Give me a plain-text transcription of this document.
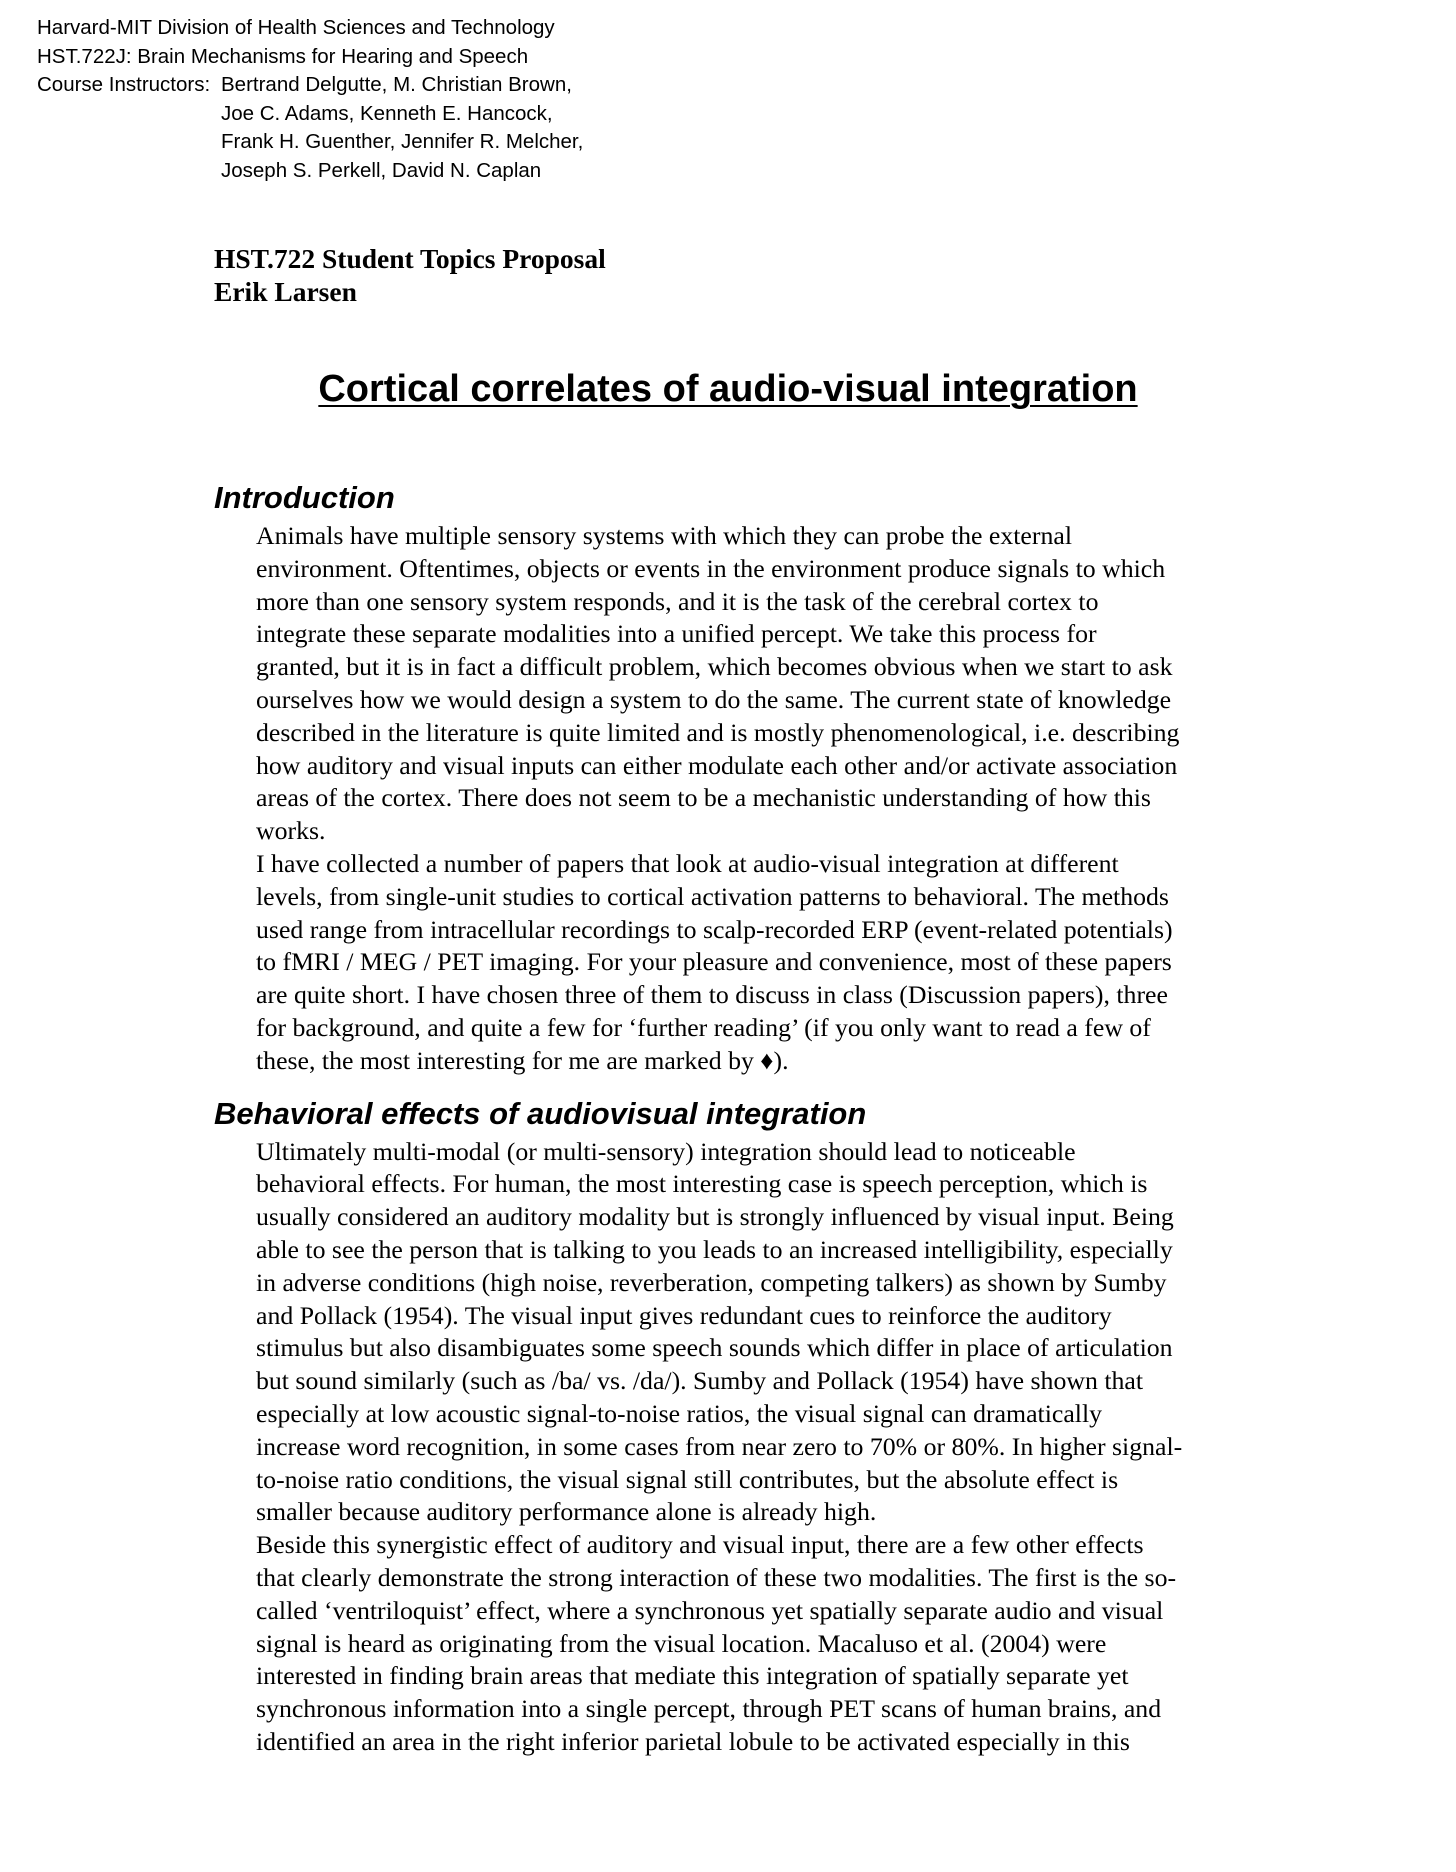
Harvard-MIT Division of Health Sciences and Technology
HST.722J: Brain Mechanisms for Hearing and Speech
Course Instructors: Bertrand Delgutte, M. Christian Brown,
Joe C. Adams, Kenneth E. Hancock,
Frank H. Guenther, Jennifer R. Melcher,
Joseph S. Perkell, David N. Caplan
HST.722 Student Topics Proposal
Erik Larsen
Cortical correlates of audio-visual integration
Introduction

Animals have multiple sensory systems with which they can probe the external
environment. Oftentimes, objects or events in the environment produce signals to which
more than one sensory system responds, and it is the task of the cerebral cortex to
integrate these separate modalities into a unified percept. We take this process for
granted, but it is in fact a difficult problem, which becomes obvious when we start to ask
ourselves how we would design a system to do the same. The current state of knowledge
described in the literature is quite limited and is mostly phenomenological, i.e. describing
how auditory and visual inputs can either modulate each other and/or activate association
areas of the cortex. There does not seem to be a mechanistic understanding of how this
works.

I have collected a number of papers that look at audio-visual integration at different
levels, from single-unit studies to cortical activation patterns to behavioral. The methods
used range from intracellular recordings to scalp-recorded ERP (event-related potentials)
to fMRI / MEG / PET imaging. For your pleasure and convenience, most of these papers
are quite short. I have chosen three of them to discuss in class (Discussion papers), three
for background, and quite a few for ‘further reading’ (if you only want to read a few of
these, the most interesting for me are marked by ♦).

Behavioral effects of audiovisual integration

Ultimately multi-modal (or multi-sensory) integration should lead to noticeable
behavioral effects. For human, the most interesting case is speech perception, which is
usually considered an auditory modality but is strongly influenced by visual input. Being
able to see the person that is talking to you leads to an increased intelligibility, especially
in adverse conditions (high noise, reverberation, competing talkers) as shown by Sumby
and Pollack (1954). The visual input gives redundant cues to reinforce the auditory
stimulus but also disambiguates some speech sounds which differ in place of articulation
but sound similarly (such as /ba/ vs. /da/). Sumby and Pollack (1954) have shown that
especially at low acoustic signal-to-noise ratios, the visual signal can dramatically
increase word recognition, in some cases from near zero to 70% or 80%. In higher signal-
to-noise ratio conditions, the visual signal still contributes, but the absolute effect is
smaller because auditory performance alone is already high.

Beside this synergistic effect of auditory and visual input, there are a few other effects
that clearly demonstrate the strong interaction of these two modalities. The first is the so-
called ‘ventriloquist’ effect, where a synchronous yet spatially separate audio and visual
signal is heard as originating from the visual location. Macaluso et al. (2004) were
interested in finding brain areas that mediate this integration of spatially separate yet
synchronous information into a single percept, through PET scans of human brains, and
identified an area in the right inferior parietal lobule to be activated especially in this
